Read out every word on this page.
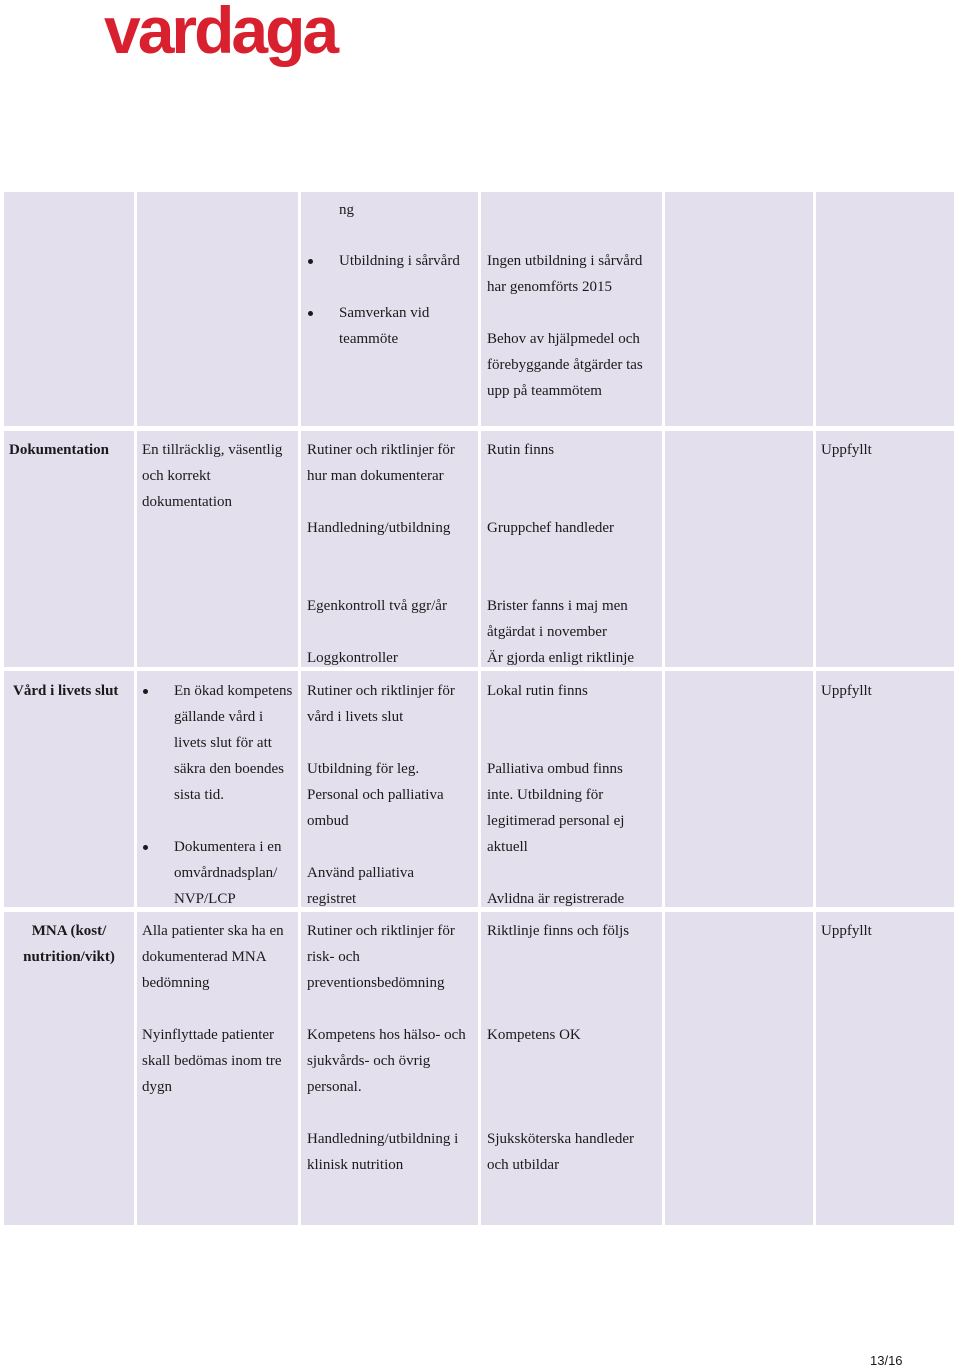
vardaga
ng
Utbildning i sårvård
Samverkan vid teammöte
Ingen utbildning i sårvård har genomförts 2015
Behov av hjälpmedel och förebyggande åtgärder tas upp på teammötem
Dokumentation En tillräcklig, väsentlig och korrekt dokumentation
Rutiner och riktlinjer för hur man dokumenterar
Handledning/utbildning
Egenkontroll två ggr/år
Loggkontroller
Rutin finns
Gruppchef handleder
Brister fanns i maj men åtgärdat i november
Är gjorda enligt riktlinje
Uppfyllt
Vård i livets slut	En ökad kompetens gällande vård i livets slut för att säkra den boendes sista tid.
Dokumentera i en omvårdnadsplan/ NVP/LCP
Rutiner och riktlinjer för vård i livets slut
Utbildning för leg. Personal och palliativa ombud
Använd palliativa registret
Lokal rutin finns
Palliativa ombud finns inte. Utbildning för legitimerad personal ej aktuell
Avlidna är registrerade
Uppfyllt
MNA (kost/ nutrition/vikt)
Alla patienter ska ha en dokumenterad MNA bedömning
Nyinflyttade patienter skall bedömas inom tre dygn
Rutiner och riktlinjer för risk- och preventionsbedömning
Kompetens hos hälso- och sjukvårds- och övrig personal.
Handledning/utbildning i klinisk nutrition
Riktlinje finns och följs
Kompetens OK
Sjuksköterska handleder och utbildar
Uppfyllt
13/16
